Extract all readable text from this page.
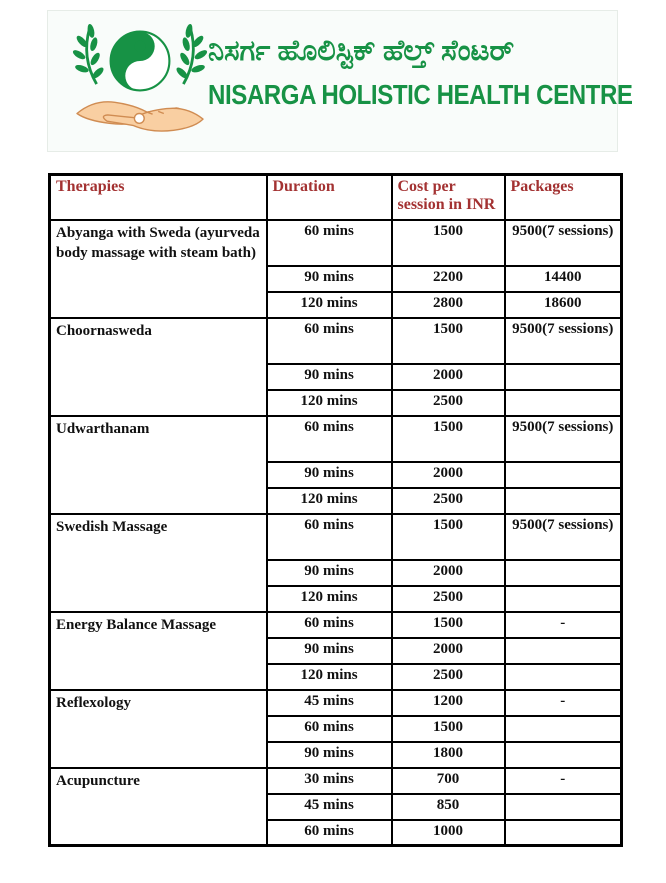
ನಿಸರ್ಗ ಹೊಲಿಸ್ಟಿಕ್ ಹೆಲ್ತ್ ಸೆಂಟರ್
NISARGA HOLISTIC HEALTH CENTRE
Therapies	Duration	Cost per session in INR	Packages
Abyanga with Sweda (ayurveda body massage with steam bath)	60 mins	1500	9500(7 sessions)
	90 mins	2200	14400
	120 mins	2800	18600
Choornasweda	60 mins	1500	9500(7 sessions)
	90 mins	2000	
	120 mins	2500	
Udwarthanam	60 mins	1500	9500(7 sessions)
	90 mins	2000	
	120 mins	2500	
Swedish Massage	60 mins	1500	9500(7 sessions)
	90 mins	2000	
	120 mins	2500	
Energy Balance Massage	60 mins	1500	-
	90 mins	2000	
	120 mins	2500	
Reflexology	45 mins	1200	-
	60 mins	1500	
	90 mins	1800	
Acupuncture	30 mins	700	-
	45 mins	850	
	60 mins	1000	
